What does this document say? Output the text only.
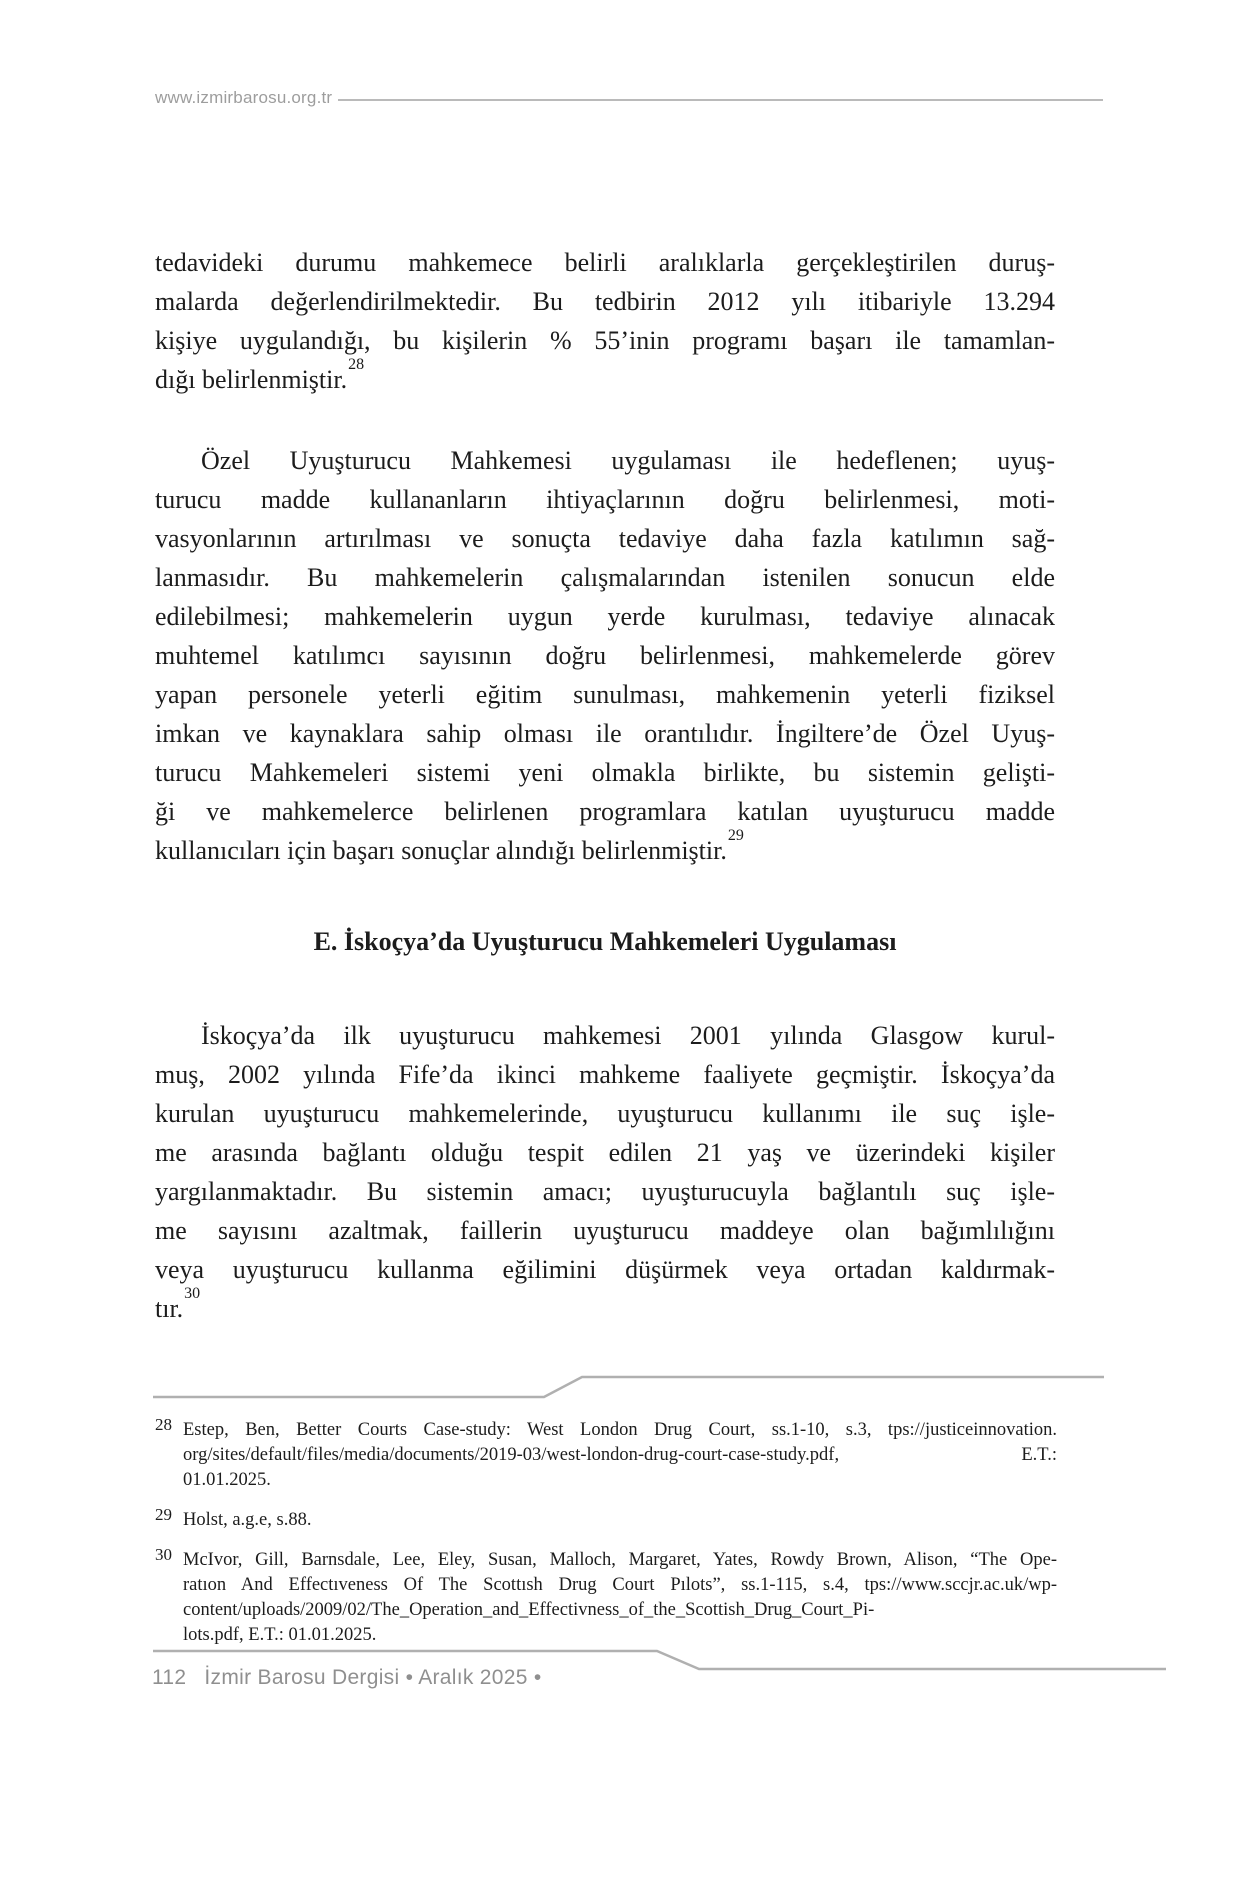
www.izmirbarosu.org.tr
tedavideki durumu mahkemece belirli aralıklarla gerçekleştirilen duruş-
malarda değerlendirilmektedir. Bu tedbirin 2012 yılı itibariyle 13.294
kişiye uygulandığı, bu kişilerin % 55’inin programı başarı ile tamamlan-
dığı belirlenmiştir.$^{28}$
Özel Uyuşturucu Mahkemesi uygulaması ile hedeflenen; uyuş-
turucu madde kullananların ihtiyaçlarının doğru belirlenmesi, moti-
vasyonlarının artırılması ve sonuçta tedaviye daha fazla katılımın sağ-
lanmasıdır. Bu mahkemelerin çalışmalarından istenilen sonucun elde
edilebilmesi; mahkemelerin uygun yerde kurulması, tedaviye alınacak
muhtemel katılımcı sayısının doğru belirlenmesi, mahkemelerde görev
yapan personele yeterli eğitim sunulması, mahkemenin yeterli fiziksel
imkan ve kaynaklara sahip olması ile orantılıdır. İngiltere’de Özel Uyuş-
turucu Mahkemeleri sistemi yeni olmakla birlikte, bu sistemin gelişti-
ği ve mahkemelerce belirlenen programlara katılan uyuşturucu madde
kullanıcıları için başarı sonuçlar alındığı belirlenmiştir.$^{29}$
E. İskoçya’da Uyuşturucu Mahkemeleri Uygulaması
İskoçya’da ilk uyuşturucu mahkemesi 2001 yılında Glasgow kurul-
muş, 2002 yılında Fife’da ikinci mahkeme faaliyete geçmiştir. İskoçya’da
kurulan uyuşturucu mahkemelerinde, uyuşturucu kullanımı ile suç işle-
me arasında bağlantı olduğu tespit edilen 21 yaş ve üzerindeki kişiler
yargılanmaktadır. Bu sistemin amacı; uyuşturucuyla bağlantılı suç işle-
me sayısını azaltmak, faillerin uyuşturucu maddeye olan bağımlılığını
veya uyuşturucu kullanma eğilimini düşürmek veya ortadan kaldırmak-
tır.$^{30}$
28 Estep, Ben, Better Courts Case-study: West London Drug Court, ss.1-10, s.3, tps://justiceinnovation.
org/sites/default/files/media/documents/2019-03/west-london-drug-court-case-study.pdf, E.T.:
01.01.2025.
29 Holst, a.g.e, s.88.
30 McIvor, Gill, Barnsdale, Lee, Eley, Susan, Malloch, Margaret, Yates, Rowdy Brown, Alison, “The Ope-
ratıon And Effectıveness Of The Scottısh Drug Court Pılots”, ss.1-115, s.4, tps://www.sccjr.ac.uk/wp-
content/uploads/2009/02/The_Operation_and_Effectivness_of_the_Scottish_Drug_Court_Pi-
lots.pdf, E.T.: 01.01.2025.
112 İzmir Barosu Dergisi • Aralık 2025 •
